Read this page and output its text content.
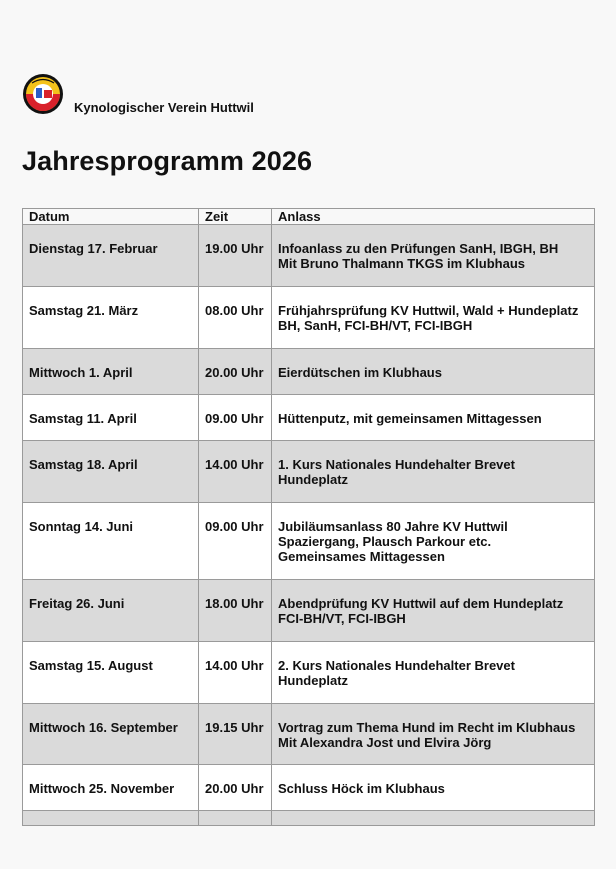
Kynologischer Verein Huttwil
Jahresprogramm 2026
Datum	Zeit	Anlass
Dienstag 17. Februar	19.00 Uhr	Infoanlass zu den Prüfungen SanH, IBGH, BH
Mit Bruno Thalmann TKGS im Klubhaus

Samstag 21. März	08.00 Uhr	Frühjahrsprüfung KV Huttwil, Wald + Hundeplatz
BH, SanH, FCI-BH/VT, FCI-IBGH

Mittwoch 1. April	20.00 Uhr	Eierdütschen im Klubhaus

Samstag 11. April	09.00 Uhr	Hüttenputz, mit gemeinsamen Mittagessen

Samstag 18. April	14.00 Uhr	1. Kurs Nationales Hundehalter Brevet
Hundeplatz

Sonntag 14. Juni	09.00 Uhr	Jubiläumsanlass 80 Jahre KV Huttwil
Spaziergang, Plausch Parkour etc.
Gemeinsames Mittagessen

Freitag 26. Juni	18.00 Uhr	Abendprüfung KV Huttwil auf dem Hundeplatz
FCI-BH/VT, FCI-IBGH

Samstag 15. August	14.00 Uhr	2. Kurs Nationales Hundehalter Brevet
Hundeplatz

Mittwoch 16. September	19.15 Uhr	Vortrag zum Thema Hund im Recht im Klubhaus
Mit Alexandra Jost und Elvira Jörg

Mittwoch 25. November	20.00 Uhr	Schluss Höck im Klubhaus
